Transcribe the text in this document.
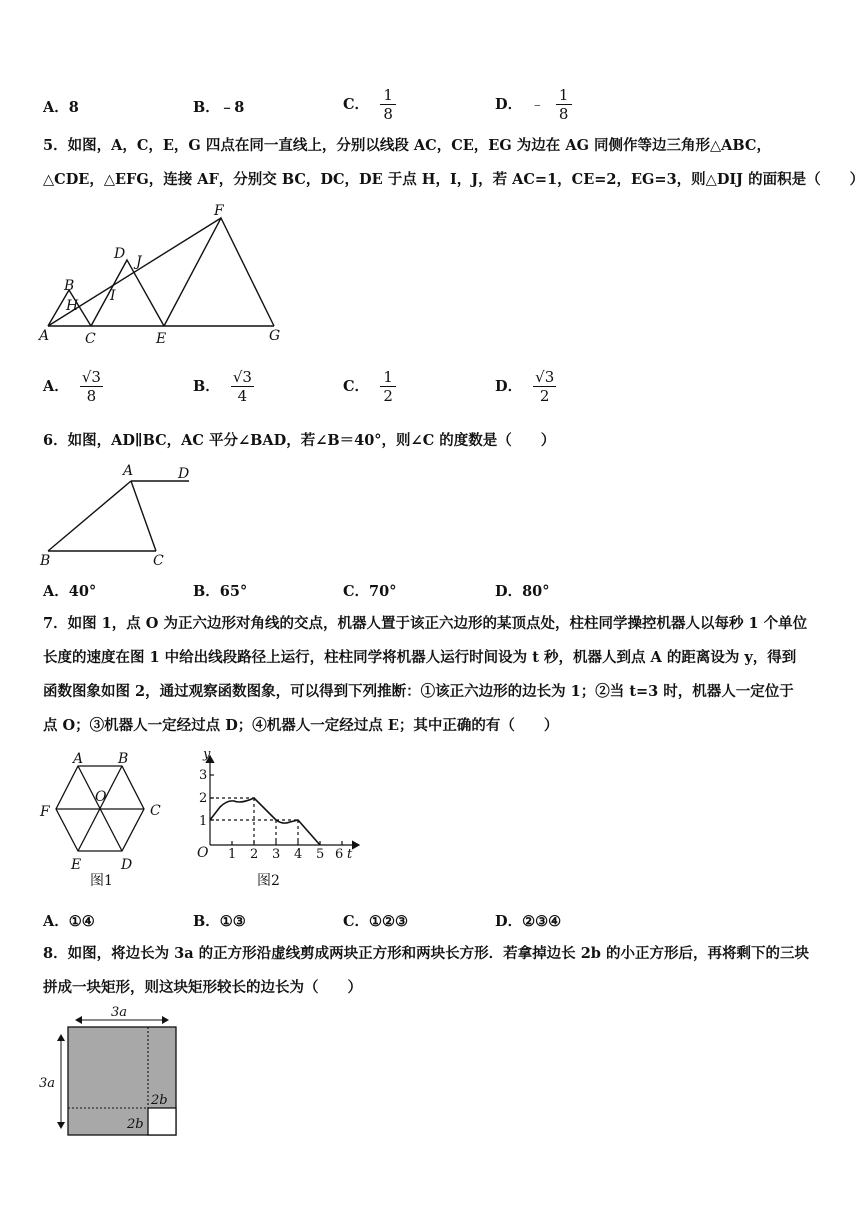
A．8	B．﹣8	C． $\frac{1}{8}$	D． ﹣ $\frac{1}{8}$
5．如图，A，C，E，G 四点在同一直线上，分别以线段 AC，CE，EG 为边在 AG 同侧作等边三角形△ABC，
△CDE，△EFG，连接 AF，分别交 BC，DC，DE 于点 H，I，J，若 AC=1，CE=2，EG=3，则△DIJ 的面积是（　　）
A
B
C
D
E
F
G
H
I
J
A． $\frac{√3}{8}$	B． $\frac{√3}{4}$	C． $\frac{1}{2}$	D． $\frac{√3}{2}$
6．如图，AD∥BC，AC 平分∠BAD，若∠B＝40°，则∠C 的度数是（　　）
A	D
B	C
A．40°	B．65°	C．70°	D．80°
7．如图 1，点 O 为正六边形对角线的交点，机器人置于该正六边形的某顶点处，柱柱同学操控机器人以每秒 1 个单位
长度的速度在图 1 中给出线段路径上运行，柱柱同学将机器人运行时间设为 t 秒，机器人到点 A 的距离设为 y，得到
函数图象如图 2，通过观察函数图象，可以得到下列推断：①该正六边形的边长为 1；②当 t=3 时，机器人一定位于
点 O；③机器人一定经过点 D；④机器人一定经过点 E；其中正确的有（　　）
A B
C
D
E
F
O
图1
y
t
O
1
2
3
1 2 3 4 5 6
图2
A．①④	B．①③	C．①②③	D．②③④
8．如图，将边长为 3a 的正方形沿虚线剪成两块正方形和两块长方形．若拿掉边长 2b 的小正方形后，再将剩下的三块
拼成一块矩形，则这块矩形较长的边长为（　　）
3a
3a
2b
2b
